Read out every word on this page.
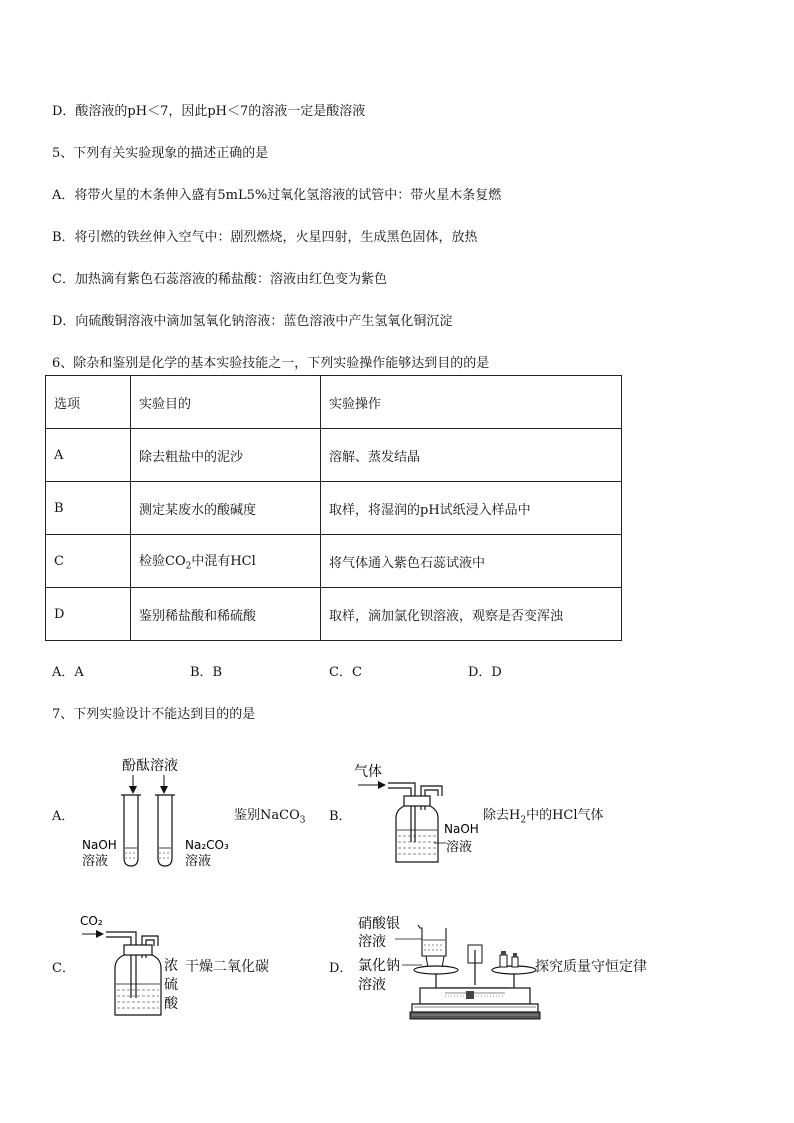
D．酸溶液的pH＜7，因此pH＜7的溶液一定是酸溶液
5、下列有关实验现象的描述正确的是
A．将带火星的木条伸入盛有5mL5%过氧化氢溶液的试管中：带火星木条复燃
B．将引燃的铁丝伸入空气中：剧烈燃烧，火星四射，生成黑色固体，放热
C．加热滴有紫色石蕊溶液的稀盐酸：溶液由红色变为紫色
D．向硫酸铜溶液中滴加氢氧化钠溶液：蓝色溶液中产生氢氧化铜沉淀
6、除杂和鉴别是化学的基本实验技能之一，下列实验操作能够达到目的的是
选项	实验目的	实验操作
A	除去粗盐中的泥沙	溶解、蒸发结晶
B	测定某废水的酸碱度	取样，将湿润的pH试纸浸入样品中
C	检验$CO_2$中混有HCl	将气体通入紫色石蕊试液中
D	鉴别稀盐酸和稀硫酸	取样，滴加氯化钡溶液，观察是否变浑浊
A．A	B．B	C．C	D．D
7、下列实验设计不能达到目的的是
A．
酚酞溶液
NaOH
溶液
Na₂CO₃
溶液
气体
NaOH
溶液
CO₂
浓
硫
酸
硝酸银
溶液
氯化钠
溶液
鉴别NaCO$_3$ B．	除去$H_2$中的HCl气体
C．	干燥二氧化碳	D．	探究质量守恒定律
